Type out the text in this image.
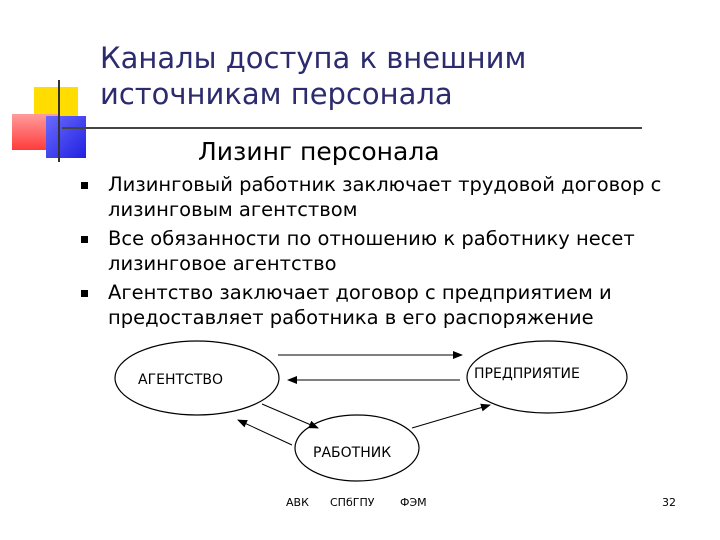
Каналы доступа к внешним источникам персонала
Лизинг персонала
Лизинговый работник заключает трудовой договор с лизинговым агентством
Все обязанности по отношению к работнику несет лизинговое агентство
Агентство заключает договор с предприятием и предоставляет работника в его распоряжение
АГЕНТСТВО	ПРЕДПРИЯТИЕ
РАБОТНИК
АВК СПбГПУ ФЭМ	32
